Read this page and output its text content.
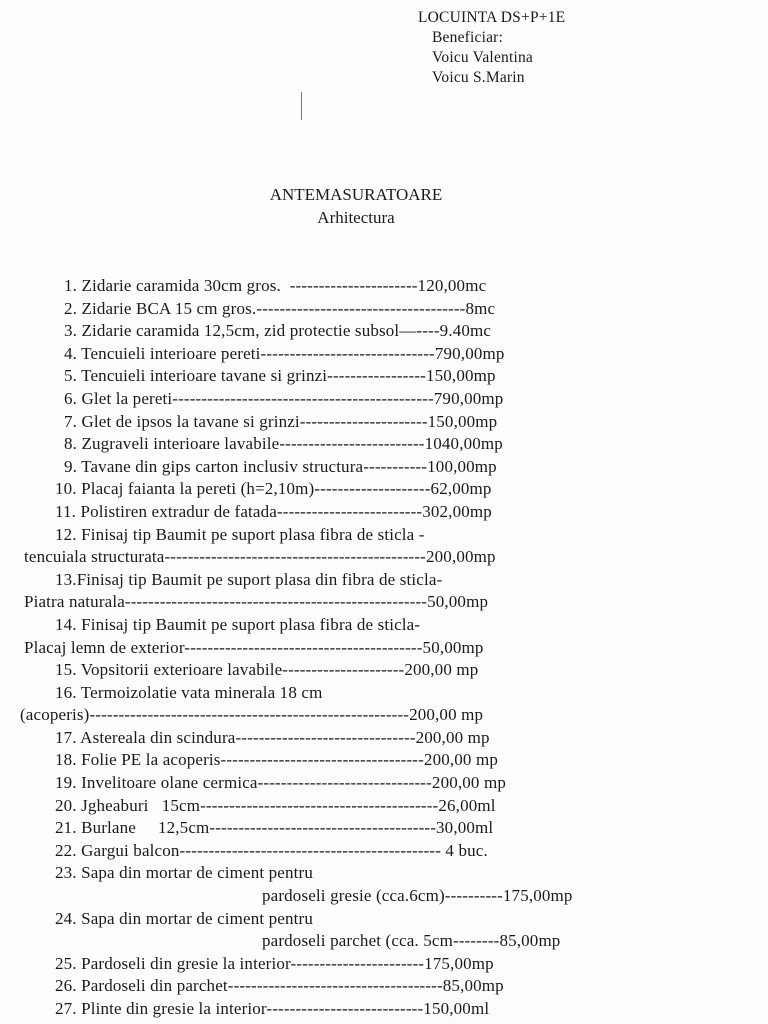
LOCUINTA DS+P+1E
Beneficiar:
Voicu Valentina
Voicu S.Marin
ANTEMASURATOARE
Arhitectura
1. Zidarie caramida 30cm gros.  ----------------------120,00mc
2. Zidarie BCA 15 cm gros.------------------------------------8mc
3. Zidarie caramida 12,5cm, zid protectie subsol—----9.40mc
4. Tencuieli interioare pereti------------------------------790,00mp
5. Tencuieli interioare tavane si grinzi-----------------150,00mp
6. Glet la pereti---------------------------------------------790,00mp
7. Glet de ipsos la tavane si grinzi----------------------150,00mp
8. Zugraveli interioare lavabile-------------------------1040,00mp
9. Tavane din gips carton inclusiv structura-----------100,00mp
10. Placaj faianta la pereti (h=2,10m)--------------------62,00mp
11. Polistiren extradur de fatada-------------------------302,00mp
12. Finisaj tip Baumit pe suport plasa fibra de sticla -
tencuiala structurata---------------------------------------------200,00mp
13.Finisaj tip Baumit pe suport plasa din fibra de sticla-
Piatra naturala----------------------------------------------------50,00mp
14. Finisaj tip Baumit pe suport plasa fibra de sticla-
Placaj lemn de exterior-----------------------------------------50,00mp
15. Vopsitorii exterioare lavabile---------------------200,00 mp
16. Termoizolatie vata minerala 18 cm
(acoperis)-------------------------------------------------------200,00 mp
17. Astereala din scindura-------------------------------200,00 mp
18. Folie PE la acoperis-----------------------------------200,00 mp
19. Invelitoare olane cermica------------------------------200,00 mp
20. Jgheaburi   15cm-----------------------------------------26,00ml
21. Burlane     12,5cm---------------------------------------30,00ml
22. Gargui balcon--------------------------------------------- 4 buc.
23. Sapa din mortar de ciment pentru
pardoseli gresie (cca.6cm)----------175,00mp
24. Sapa din mortar de ciment pentru
pardoseli parchet (cca. 5cm--------85,00mp
25. Pardoseli din gresie la interior-----------------------175,00mp
26. Pardoseli din parchet-------------------------------------85,00mp
27. Plinte din gresie la interior---------------------------150,00ml
